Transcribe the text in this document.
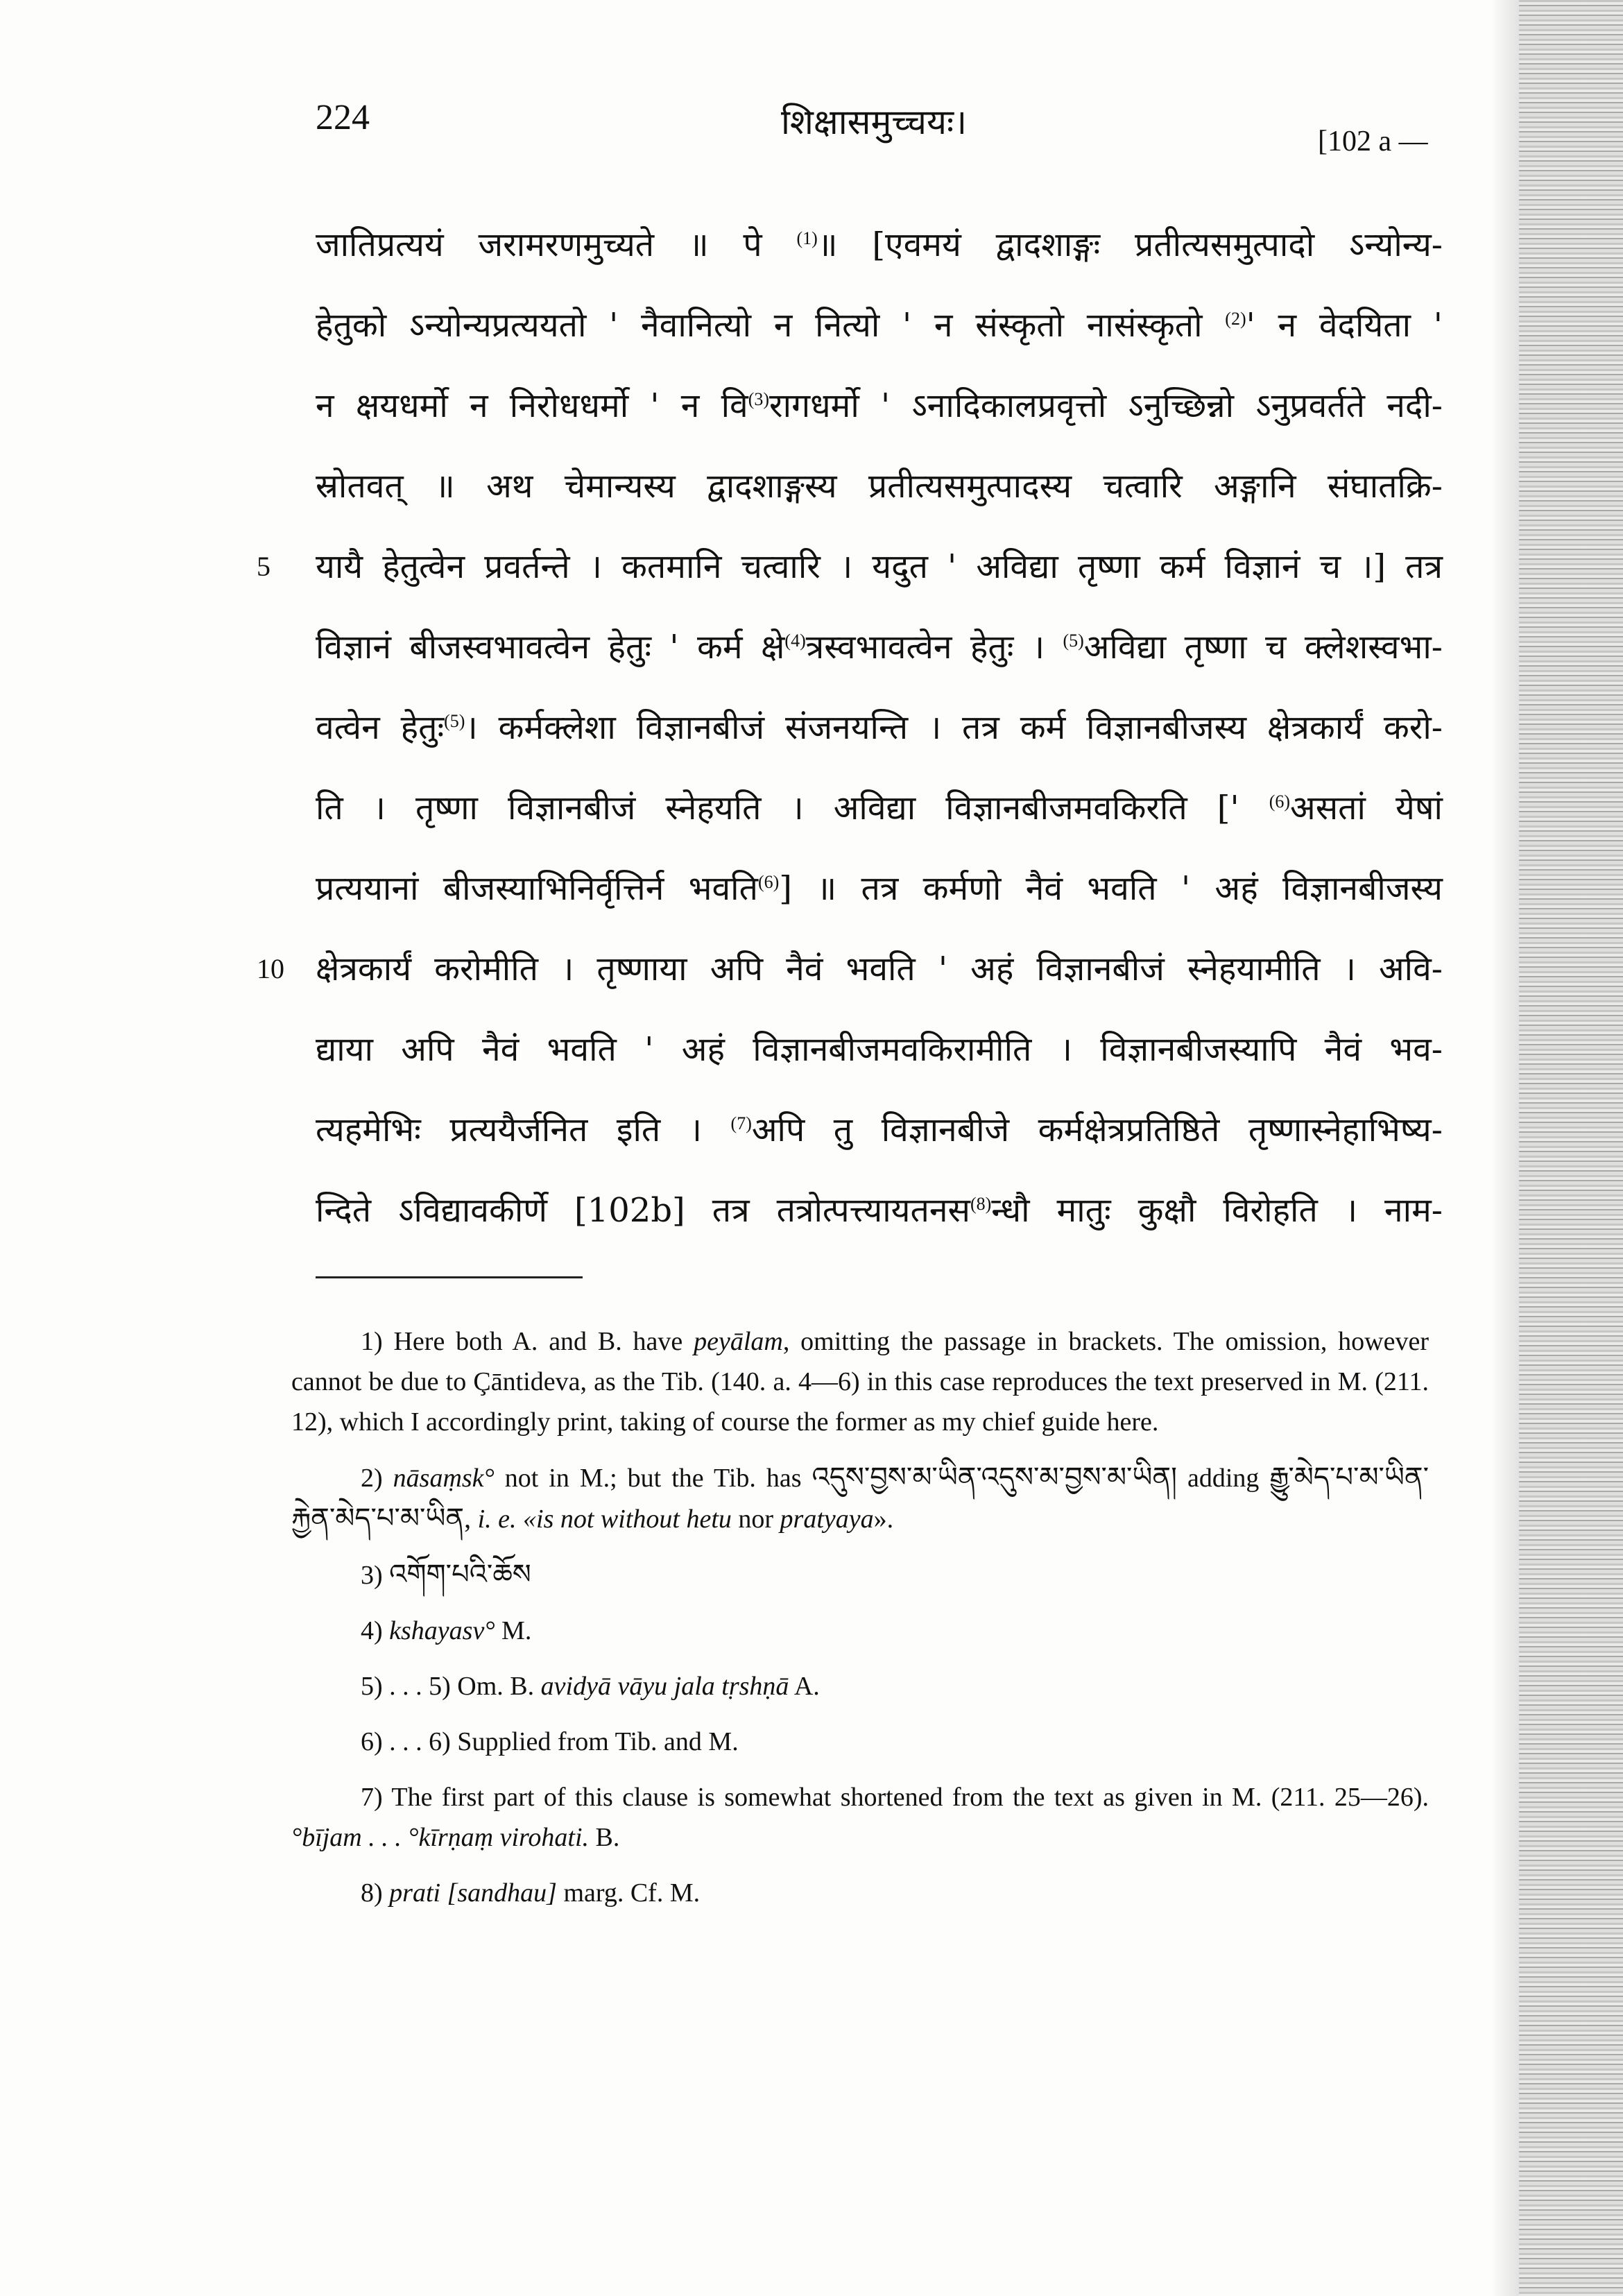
224	शिक्षासमुच्चयः।	[102 a —
जातिप्रत्ययं जरामरणमुच्यते ॥ पे $^{(1)}$॥ [एवमयं द्वादशाङ्गः प्रतीत्यसमुत्पादो ऽन्योन्य-
हेतुको ऽन्योन्यप्रत्ययतो ' नैवानित्यो न नित्यो ' न संस्कृतो नासंस्कृतो $^{(2)}$' न वेदयिता '
न क्षयधर्मो न निरोधधर्मो ' न वि$^{(3)}$रागधर्मो ' ऽनादिकालप्रवृत्तो ऽनुच्छिन्नो ऽनुप्रवर्तते नदी-
स्रोतवत् ॥ अथ चेमान्यस्य द्वादशाङ्गस्य प्रतीत्यसमुत्पादस्य चत्वारि अङ्गानि संघातक्रि-
5	यायै हेतुत्वेन प्रवर्तन्ते । कतमानि चत्वारि । यदुत ' अविद्या तृष्णा कर्म विज्ञानं च ।] तत्र
विज्ञानं बीजस्वभावत्वेन हेतुः ' कर्म क्षे$^{(4)}$त्रस्वभावत्वेन हेतुः । $^{(5)}$अविद्या तृष्णा च क्लेशस्वभा-
वत्वेन हेतुः$^{(5)}$। कर्मक्लेशा विज्ञानबीजं संजनयन्ति । तत्र कर्म विज्ञानबीजस्य क्षेत्रकार्यं करो-
ति । तृष्णा विज्ञानबीजं स्नेहयति । अविद्या विज्ञानबीजमवकिरति [' $^{(6)}$असतां येषां
प्रत्ययानां बीजस्याभिनिर्वृत्तिर्न भवति$^{(6)}$] ॥ तत्र कर्मणो नैवं भवति ' अहं विज्ञानबीजस्य
10 क्षेत्रकार्यं करोमीति । तृष्णाया अपि नैवं भवति ' अहं विज्ञानबीजं स्नेहयामीति । अवि-
द्याया अपि नैवं भवति ' अहं विज्ञानबीजमवकिरामीति । विज्ञानबीजस्यापि नैवं भव-
त्यहमेभिः प्रत्ययैर्जनित इति । $^{(7)}$अपि तु विज्ञानबीजे कर्मक्षेत्रप्रतिष्ठिते तृष्णास्नेहाभिष्य-
न्दिते ऽविद्यावकीर्णे [102b] तत्र तत्रोत्पत्त्यायतनस$^{(8)}$न्धौ मातुः कुक्षौ विरोहति । नाम-

1) Here both A. and B. have peyālam, omitting the passage in brackets. The omission, however cannot be due to Çāntideva, as the Tib. (140. a. 4—6) in this case reproduces the text preserved in M. (211. 12), which I accordingly print, taking of course the former as my chief guide here.

2) nāsaṃsk° not in M.; but the Tib. has འདུས་བྱས་མ་ཡིན་འདུས་མ་བྱས་མ་ཡིན། adding རྒྱུ་མེད་པ་མ་ཡིན་རྐྱེན་མེད་པ་མ་ཡིན, i. e. «is not without hetu nor pratyaya».

3) འགོག་པའི་ཆོས

4) kshayasv° M.

5) . . . 5) Om. B. avidyā vāyu jala tṛshṇā A.

6) . . . 6) Supplied from Tib. and M.

7) The first part of this clause is somewhat shortened from the text as given in M. (211. 25—26). °bījam . . . °kīrṇaṃ virohati. B.

8) prati [sandhau] marg. Cf. M.
